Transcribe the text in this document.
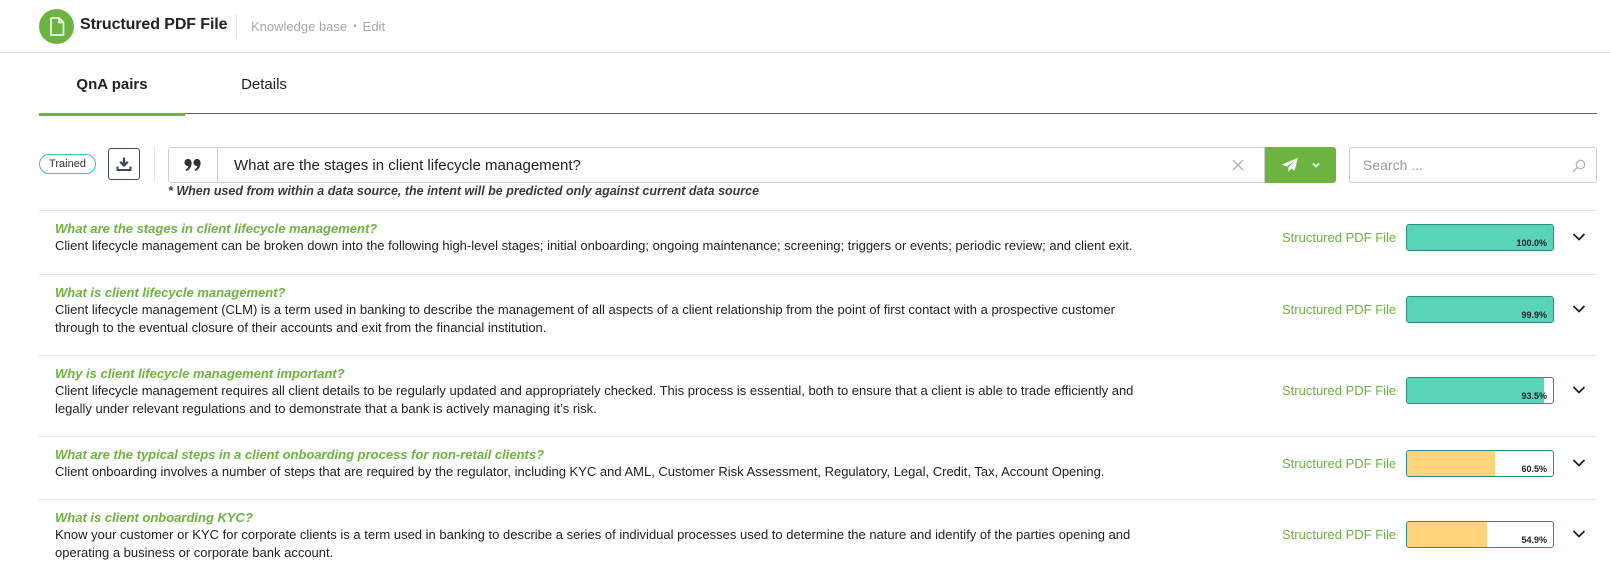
Structured PDF File Knowledge base • Edit
QnA pairs	Details
Trained
What are the stages in client lifecycle management?
* When used from within a data source, the intent will be predicted only against current data source
Search ...
What are the stages in client lifecycle management?
Client lifecycle management can be broken down into the following high-level stages; initial onboarding; ongoing maintenance; screening; triggers or events; periodic review; and client exit.
Structured PDF File	100.0%
What is client lifecycle management?
Client lifecycle management (CLM) is a term used in banking to describe the management of all aspects of a client relationship from the point of first contact with a prospective customer through to the eventual closure of their accounts and exit from the financial institution.
Structured PDF File	99.9%
Why is client lifecycle management important?
Client lifecycle management requires all client details to be regularly updated and appropriately checked. This process is essential, both to ensure that a client is able to trade efficiently and legally under relevant regulations and to demonstrate that a bank is actively managing it’s risk.
Structured PDF File	93.5%
What are the typical steps in a client onboarding process for non-retail clients?
Client onboarding involves a number of steps that are required by the regulator, including KYC and AML, Customer Risk Assessment, Regulatory, Legal, Credit, Tax, Account Opening.
Structured PDF File	60.5%
What is client onboarding KYC?
Know your customer or KYC for corporate clients is a term used in banking to describe a series of individual processes used to determine the nature and identify of the parties opening and operating a business or corporate bank account.
Structured PDF File	54.9%
